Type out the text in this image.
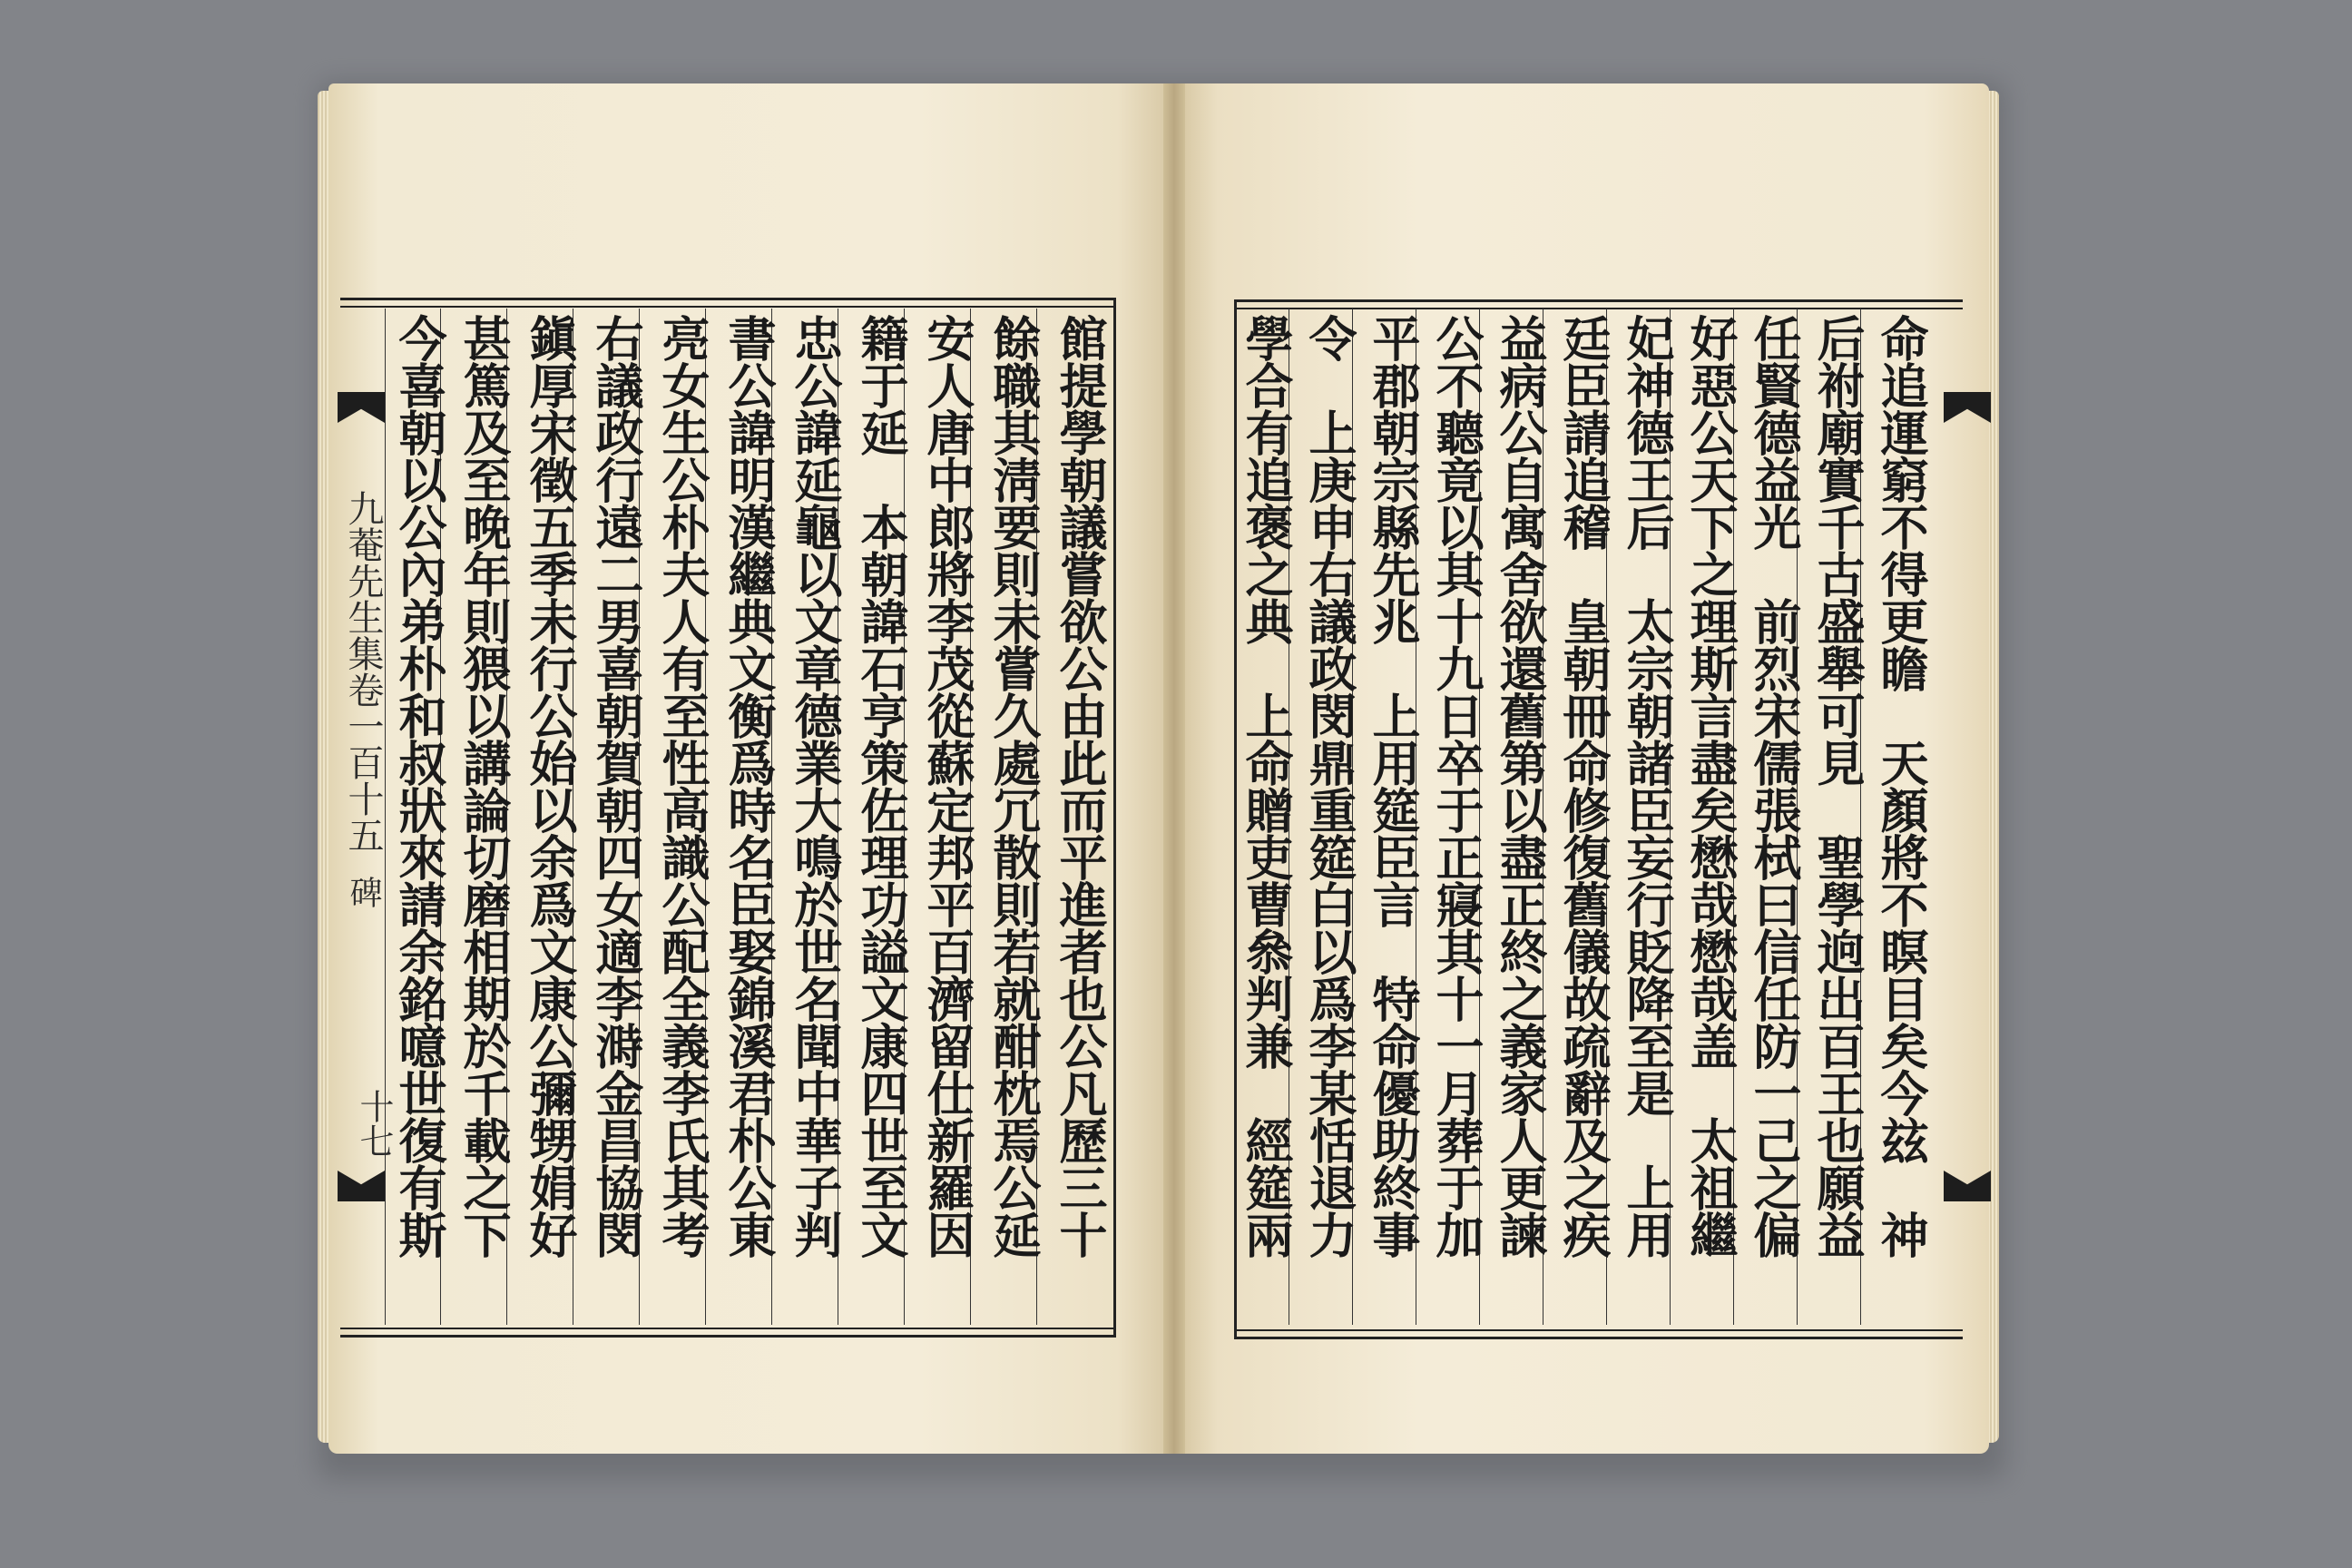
九菴先生集卷一百十五
碑
十七	館提學朝議嘗欲公由此而平進者也公凡歷三十
餘職其淸要則未嘗久處冗散則若就酣枕焉公延
安人唐中郎將李茂從蘇定邦平百濟留仕新羅因
籍于延　本朝諱石亨策佐理功謚文康四世至文
忠公諱延龜以文章德業大鳴於世名聞中華子判
書公諱明漢繼典文衡爲時名臣娶錦溪君朴公東
亮女生公朴夫人有至性高識公配全義李氏其考
右議政行遠二男喜朝賀朝四女適李溡金昌協閔
鎭厚宋徵五季未行公始以余爲文康公彌甥娟好
甚篤及至晚年則猥以講論切磨相期於千載之下
今喜朝以公內弟朴和叔狀來請余銘噫世復有斯	命追運窮不得更瞻　天顏將不瞑目矣今玆　神
后祔廟實千古盛舉可見　聖學逈出百王也願益
任賢德益光　前烈宋儒張栻曰信任防一己之偏
好惡公天下之理斯言盡矣懋哉懋哉盖　太祖繼
妃神德王后　太宗朝諸臣妄行貶降至是　上用
廷臣請追稽　皇朝冊命修復舊儀故疏辭及之疾
益病公自寓舍欲還舊第以盡正終之義家人更諫
公不聽竟以其十九日卒于正寢其十一月葬于加
平郡朝宗縣先兆　上用筵臣言　特命優助終事
令　上庚申右議政閔鼎重筵白以爲李某恬退力
學合有追褒之典　上命贈吏曹叅判兼　經筵兩
